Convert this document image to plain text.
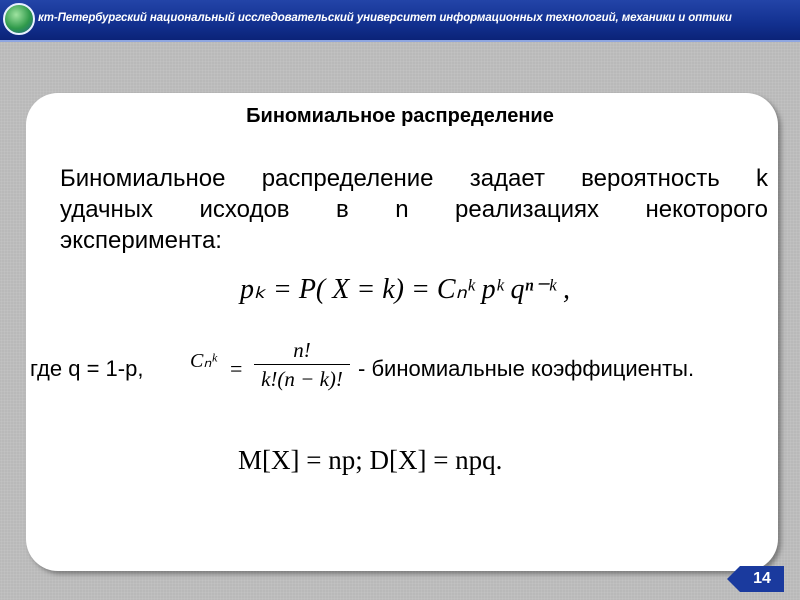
кт-Петербургский национальный исследовательский университет информационных технологий, механики и оптики
Биномиальное распределение
Биномиальное распределение задает вероятность k
удачных исходов в n реализациях некоторого
эксперимента:
pₖ = P( X = k) = Cₙᵏ pᵏ qⁿ⁻ᵏ ,
где q = 1-p, Cₙᵏ =
n!
k!(n − k)! - биномиальные коэффициенты.
M[X] = np; D[X] = npq.
14
